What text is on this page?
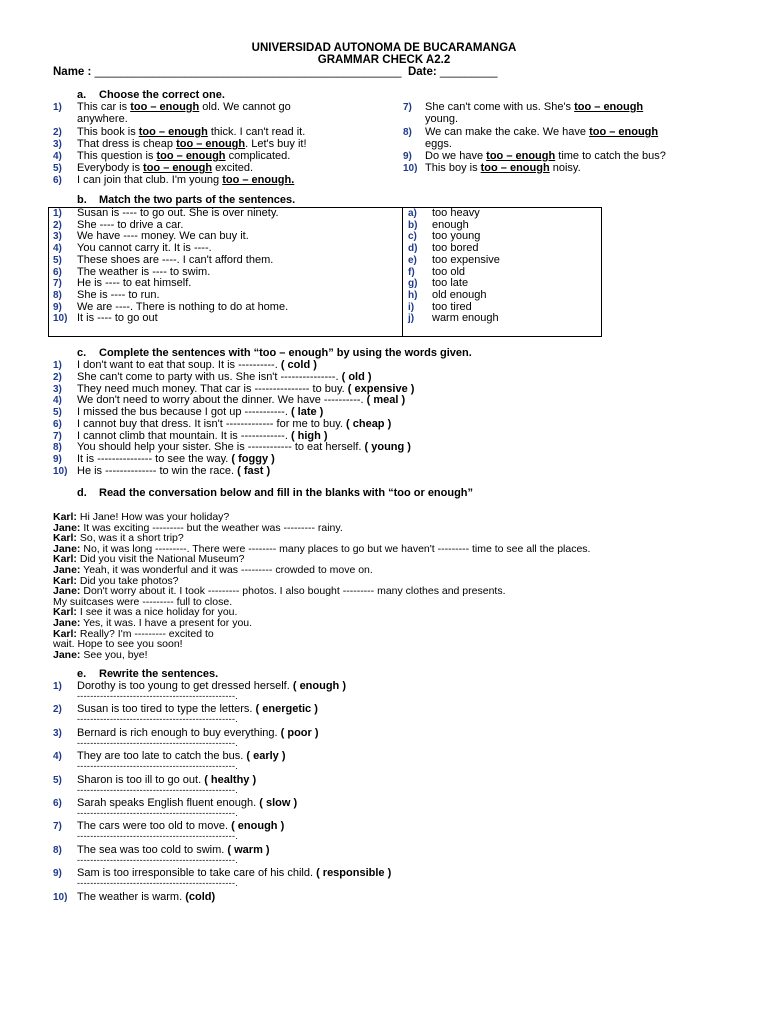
UNIVERSIDAD AUTONOMA DE BUCARAMANGA
GRAMMAR CHECK A2.2
Name : ________________________________________________ Date: _________
a. Choose the correct one.
1) This car is too – enough old. We cannot go
anywhere.
2) This book is too – enough thick. I can't read it.
3) That dress is cheap too – enough. Let's buy it!
4) This question is too – enough complicated.
5) Everybody is too – enough excited.
6) I can join that club. I'm young too – enough.
7) She can't come with us. She's too – enough
young.
8) We can make the cake. We have too – enough
eggs.
9) Do we have too – enough time to catch the bus?
10) This boy is too – enough noisy.
b. Match the two parts of the sentences.
1) Susan is ---- to go out. She is over ninety.
2) She ---- to drive a car.
3) We have ---- money. We can buy it.
4) You cannot carry it. It is ----.
5) These shoes are ----. I can't afford them.
6) The weather is ---- to swim.
7) He is ---- to eat himself.
8) She is ---- to run.
9) We are ----. There is nothing to do at home.
10) It is ---- to go out
a) too heavy
b) enough
c) too young
d) too bored
e) too expensive
f) too old
g) too late
h) old enough
i) too tired
j) warm enough
c. Complete the sentences with “too – enough” by using the words given.
1) I don't want to eat that soup. It is ----------. ( cold )
2) She can't come to party with us. She isn't ---------------. ( old )
3) They need much money. That car is --------------- to buy. ( expensive )
4) We don't need to worry about the dinner. We have ----------. ( meal )
5) I missed the bus because I got up -----------. ( late )
6) I cannot buy that dress. It isn't ------------- for me to buy. ( cheap )
7) I cannot climb that mountain. It is ------------. ( high )
8) You should help your sister. She is ------------ to eat herself. ( young )
9) It is --------------- to see the way. ( foggy )
10) He is -------------- to win the race. ( fast )
d. Read the conversation below and fill in the blanks with “too or enough”
Karl: Hi Jane! How was your holiday?
Jane: It was exciting --------- but the weather was --------- rainy.
Karl: So, was it a short trip?
Jane: No, it was long ---------. There were -------- many places to go but we haven't --------- time to see all the places.
Karl: Did you visit the National Museum?
Jane: Yeah, it was wonderful and it was --------- crowded to move on.
Karl: Did you take photos?
Jane: Don't worry about it. I took --------- photos. I also bought --------- many clothes and presents.
My suitcases were --------- full to close.
Karl: I see it was a nice holiday for you.
Jane: Yes, it was. I have a present for you.
Karl: Really? I'm --------- excited to
wait. Hope to see you soon!
Jane: See you, bye!
e. Rewrite the sentences.
1) Dorothy is too young to get dressed herself. ( enough )
------------------------------------------------.
2) Susan is too tired to type the letters. ( energetic )
------------------------------------------------.
3) Bernard is rich enough to buy everything. ( poor )
------------------------------------------------.
4) They are too late to catch the bus. ( early )
------------------------------------------------.
5) Sharon is too ill to go out. ( healthy )
------------------------------------------------.
6) Sarah speaks English fluent enough. ( slow )
------------------------------------------------.
7) The cars were too old to move. ( enough )
------------------------------------------------.
8) The sea was too cold to swim. ( warm )
------------------------------------------------.
9) Sam is too irresponsible to take care of his child. ( responsible )
------------------------------------------------.
10) The weather is warm. (cold)
